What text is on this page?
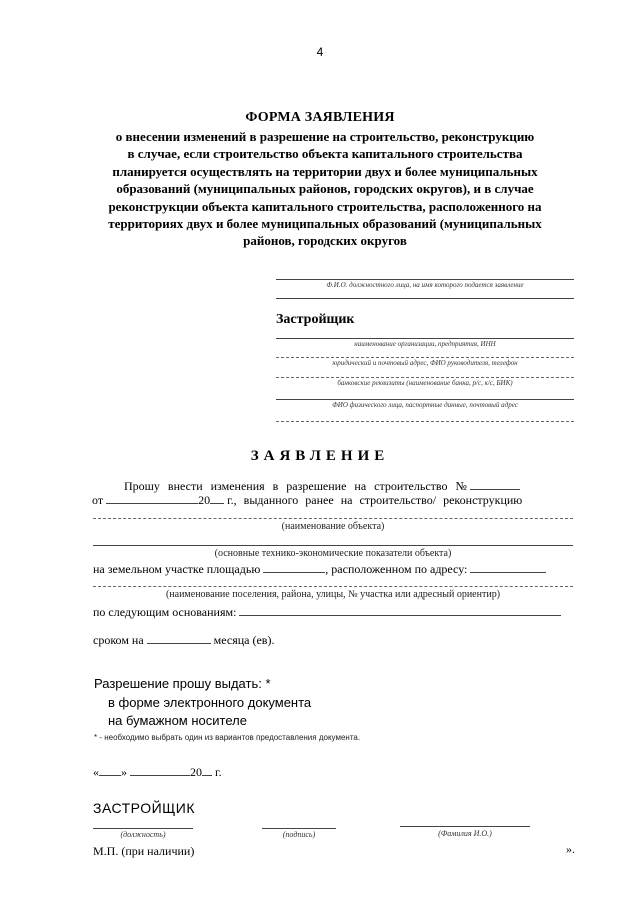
4
ФОРМА ЗАЯВЛЕНИЯ
о внесении изменений в разрешение на строительство, реконструкцию
в случае, если строительство объекта капитального строительства
планируется осуществлять на территории двух и более муниципальных
образований (муниципальных районов, городских округов), и в случае
реконструкции объекта капитального строительства, расположенного на
территориях двух и более муниципальных образований (муниципальных
районов, городских округов
Ф.И.О. должностного лица, на имя которого подается заявление
Застройщик
наименование организации, предприятия, ИНН
юридический и почтовый адрес, ФИО руководителя, телефон
банковские реквизиты (наименование банка, р/с, к/с, БИК)
ФИО физического лица, паспортные данные, почтовый адрес
ЗАЯВЛЕНИЕ
Прошу внести изменения в разрешение на строительство №
от	20 г., выданного ранее на строительство/ реконструкцию
(наименование объекта)
(основные технико-экономические показатели объекта)
на земельном участке площадью	, расположенном по адресу:
(наименование поселения, района, улицы, № участка или адресный ориентир)
по следующим основаниям:
сроком на	месяца (ев).
Разрешение прошу выдать: *
в форме электронного документа
на бумажном носителе
* - необходимо выбрать один из вариантов предоставления документа.
« »	20 г.
ЗАСТРОЙЩИК
(должность)	(подпись)	(Фамилия И.О.)
М.П. (при наличии)	».
